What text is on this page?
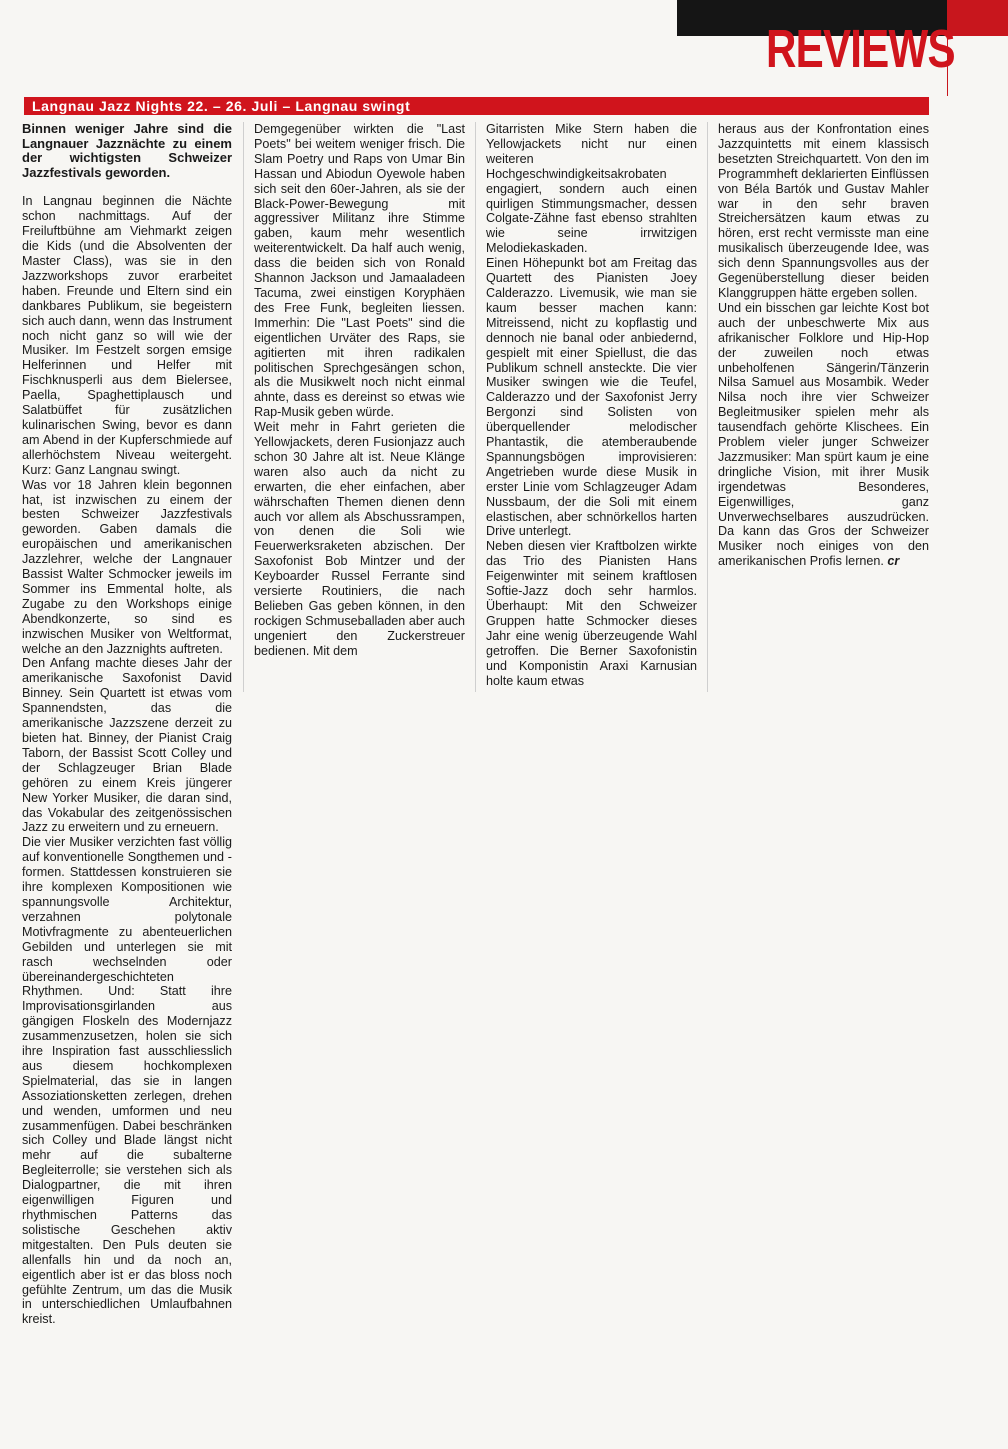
REVIEWS
Langnau Jazz Nights 22. – 26. Juli – Langnau swingt

Binnen weniger Jahre sind die Langnauer Jazznächte zu einem der wichtigsten Schweizer Jazzfestivals geworden.

In Langnau beginnen die Nächte schon nachmittags. Auf der Freiluftbühne am Viehmarkt zeigen die Kids (und die Absolventen der Master Class), was sie in den Jazzworkshops zuvor erarbeitet haben. Freunde und Eltern sind ein dankbares Publikum, sie begeistern sich auch dann, wenn das Instrument noch nicht ganz so will wie der Musiker. Im Festzelt sorgen emsige Helferinnen und Helfer mit Fischknusperli aus dem Bielersee, Paella, Spaghettiplausch und Salatbüffet für zusätzlichen kulinarischen Swing, bevor es dann am Abend in der Kupferschmiede auf allerhöchstem Niveau weitergeht. Kurz: Ganz Langnau swingt.

Was vor 18 Jahren klein begonnen hat, ist inzwischen zu einem der besten Schweizer Jazzfestivals geworden. Gaben damals die europäischen und amerikanischen Jazzlehrer, welche der Langnauer Bassist Walter Schmocker jeweils im Sommer ins Emmental holte, als Zugabe zu den Workshops einige Abendkonzerte, so sind es inzwischen Musiker von Weltformat, welche an den Jazznights auftreten.

Den Anfang machte dieses Jahr der amerikanische Saxofonist David Binney. Sein Quartett ist etwas vom Spannendsten, das die amerikanische Jazzszene derzeit zu bieten hat. Binney, der Pianist Craig Taborn, der Bassist Scott Colley und der Schlagzeuger Brian Blade gehören zu einem Kreis jüngerer New Yorker Musiker, die daran sind, das Vokabular des zeitgenössischen Jazz zu erweitern und zu erneuern.

Die vier Musiker verzichten fast völlig auf konventionelle Songthemen und -formen. Stattdessen konstruieren sie ihre komplexen Kompositionen wie spannungsvolle Architektur, verzahnen polytonale Motivfragmente zu abenteuerlichen Gebilden und unterlegen sie mit rasch wechselnden oder übereinandergeschichteten Rhythmen. Und: Statt ihre Improvisationsgirlanden aus gängigen Floskeln des Modernjazz zusammenzusetzen, holen sie sich ihre Inspiration fast ausschliesslich aus diesem hochkomplexen Spielmaterial, das sie in langen Assoziationsketten zerlegen, drehen und wenden, umformen und neu zusammenfügen. Dabei beschränken sich Colley und Blade längst nicht mehr auf die subalterne Begleiterrolle; sie verstehen sich als Dialogpartner, die mit ihren eigenwilligen Figuren und rhythmischen Patterns das solistische Geschehen aktiv mitgestalten. Den Puls deuten sie allenfalls hin und da noch an, eigentlich aber ist er das bloss noch gefühlte Zentrum, um das die Musik in unterschiedlichen Umlaufbahnen kreist.

Demgegenüber wirkten die "Last Poets" bei weitem weniger frisch. Die Slam Poetry und Raps von Umar Bin Hassan und Abiodun Oyewole haben sich seit den 60er-Jahren, als sie der Black-Power-Bewegung mit aggressiver Militanz ihre Stimme gaben, kaum mehr wesentlich weiterentwickelt. Da half auch wenig, dass die beiden sich von Ronald Shannon Jackson und Jamaaladeen Tacuma, zwei einstigen Koryphäen des Free Funk, begleiten liessen. Immerhin: Die "Last Poets" sind die eigentlichen Urväter des Raps, sie agitierten mit ihren radikalen politischen Sprechgesängen schon, als die Musikwelt noch nicht einmal ahnte, dass es dereinst so etwas wie Rap-Musik geben würde.

Weit mehr in Fahrt gerieten die Yellowjackets, deren Fusionjazz auch schon 30 Jahre alt ist. Neue Klänge waren also auch da nicht zu erwarten, die eher einfachen, aber währschaften Themen dienen denn auch vor allem als Abschussrampen, von denen die Soli wie Feuerwerksraketen abzischen. Der Saxofonist Bob Mintzer und der Keyboarder Russel Ferrante sind versierte Routiniers, die nach Belieben Gas geben können, in den rockigen Schmuseballaden aber auch ungeniert den Zuckerstreuer bedienen. Mit dem

Gitarristen Mike Stern haben die Yellowjackets nicht nur einen weiteren Hochgeschwindigkeitsakrobaten engagiert, sondern auch einen quirligen Stimmungsmacher, dessen Colgate-Zähne fast ebenso strahlten wie seine irrwitzigen Melodiekaskaden.

Einen Höhepunkt bot am Freitag das Quartett des Pianisten Joey Calderazzo. Livemusik, wie man sie kaum besser machen kann: Mitreissend, nicht zu kopflastig und dennoch nie banal oder anbiedernd, gespielt mit einer Spiellust, die das Publikum schnell ansteckte. Die vier Musiker swingen wie die Teufel, Calderazzo und der Saxofonist Jerry Bergonzi sind Solisten von überquellender melodischer Phantastik, die atemberaubende Spannungsbögen improvisieren: Angetrieben wurde diese Musik in erster Linie vom Schlagzeuger Adam Nussbaum, der die Soli mit einem elastischen, aber schnörkellos harten Drive unterlegt.

Neben diesen vier Kraftbolzen wirkte das Trio des Pianisten Hans Feigenwinter mit seinem kraftlosen Softie-Jazz doch sehr harmlos. Überhaupt: Mit den Schweizer Gruppen hatte Schmocker dieses Jahr eine wenig überzeugende Wahl getroffen. Die Berner Saxofonistin und Komponistin Araxi Karnusian holte kaum etwas

heraus aus der Konfrontation eines Jazzquintetts mit einem klassisch besetzten Streichquartett. Von den im Programmheft deklarierten Einflüssen von Béla Bartók und Gustav Mahler war in den sehr braven Streichersätzen kaum etwas zu hören, erst recht vermisste man eine musikalisch überzeugende Idee, was sich denn Spannungsvolles aus der Gegenüberstellung dieser beiden Klanggruppen hätte ergeben sollen.

Und ein bisschen gar leichte Kost bot auch der unbeschwerte Mix aus afrikanischer Folklore und Hip-Hop der zuweilen noch etwas unbeholfenen Sängerin/Tänzerin Nilsa Samuel aus Mosambik. Weder Nilsa noch ihre vier Schweizer Begleitmusiker spielen mehr als tausendfach gehörte Klischees. Ein Problem vieler junger Schweizer Jazzmusiker: Man spürt kaum je eine dringliche Vision, mit ihrer Musik irgendetwas Besonderes, Eigenwilliges, ganz Unverwechselbares auszudrücken. Da kann das Gros der Schweizer Musiker noch einiges von den amerikanischen Profis lernen. cr
